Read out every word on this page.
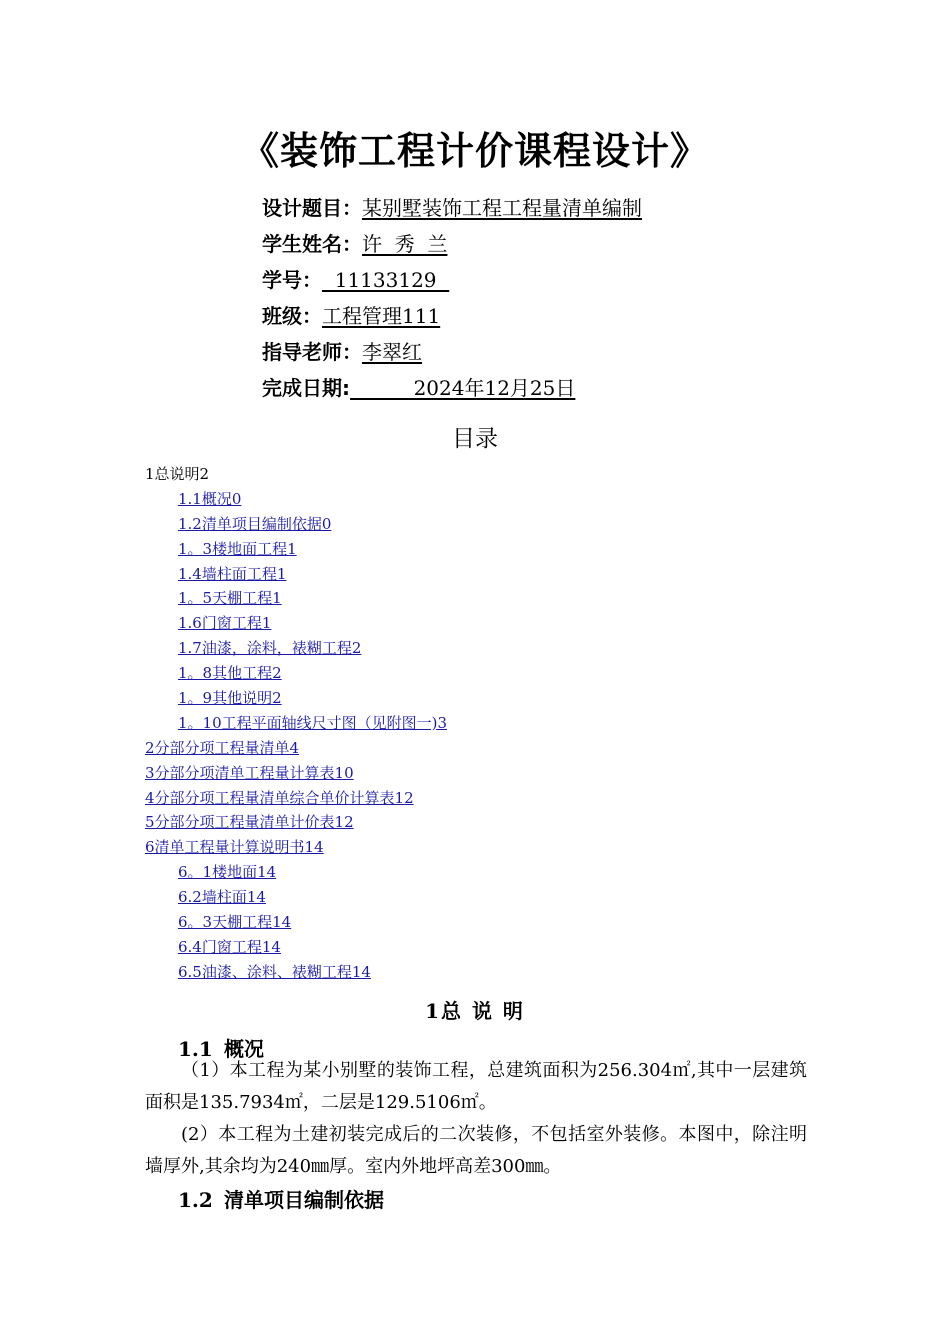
《装饰工程计价课程设计》
设计题目：某别墅装饰工程工程量清单编制
学生姓名：许  秀  兰
学号：  11133129
班级：工程管理111
指导老师：李翠红
完成日期:          2024年12月25日
目录
1总说明2
1.1概况0
1.2清单项目编制依据0
1。3楼地面工程1
1.4墙柱面工程1
1。5天棚工程1
1.6门窗工程1
1.7油漆，涂料，裱糊工程2
1。8其他工程2
1。9其他说明2
1。10工程平面轴线尺寸图（见附图一)3
2分部分项工程量清单4
3分部分项清单工程量计算表10
4分部分项工程量清单综合单价计算表12
5分部分项工程量清单计价表12
6清单工程量计算说明书14
6。1楼地面14
6.2墙柱面14
6。3天棚工程14
6.4门窗工程14
6.5油漆、涂料、裱糊工程14
1总 说 明
1.1 概况
（1）本工程为某小别墅的装饰工程，总建筑面积为256.304㎡,其中一层建筑面积是135.7934㎡，二层是129.5106㎡。
(2）本工程为土建初装完成后的二次装修，不包括室外装修。本图中，除注明墙厚外,其余均为240㎜厚。室内外地坪高差300㎜。
1.2 清单项目编制依据
